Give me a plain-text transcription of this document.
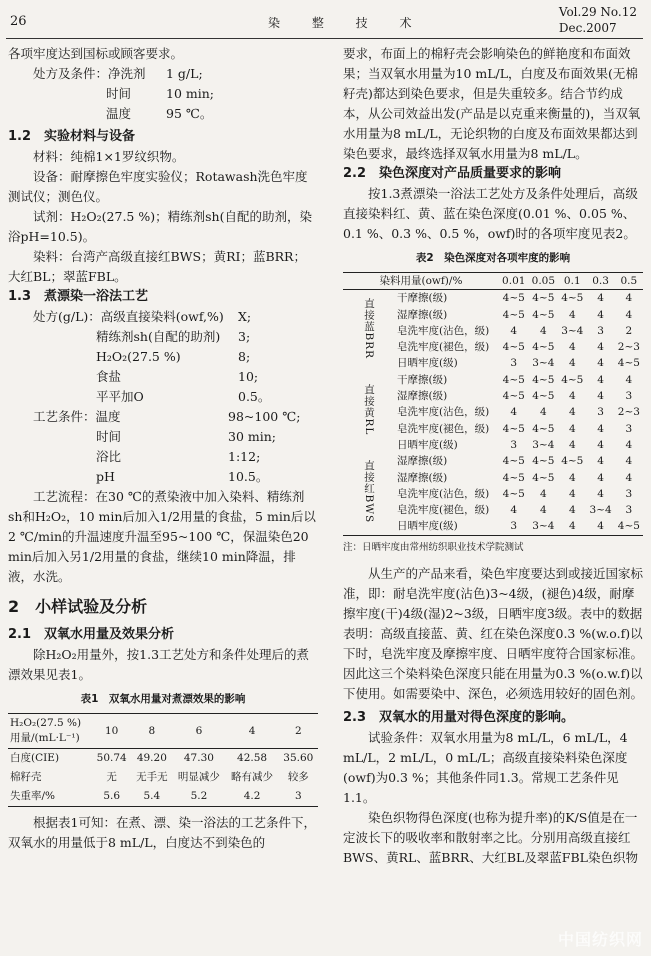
26	染 整 技 术
Vol.29 No.12
Dec.2007

各项牢度达到国标或顾客要求。

处方及条件：净洗剂	1 g/L;
时间	10 min;
温度	95 ℃。

1.2　实验材料与设备

材料：纯棉1×1罗纹织物。

设备：耐摩擦色牢度实验仪；Rotawash洗色牢度测试仪；测色仪。

试剂：H₂O₂(27.5 %)；精练剂sh(自配的助剂，染浴pH=10.5)。

染料：台湾产高级直接红BWS；黄RI；蓝BRR；大红BL；翠蓝FBL。

1.3　煮漂染一浴法工艺

处方(g/L)：高级直接染料(owf,%)	X;
精练剂sh(自配的助剂)	3;
H₂O₂(27.5 %)	8;
食盐	10;
平平加O	0.5。
工艺条件：温度	98~100 ℃;
时间	30 min;
浴比	1:12;
pH	10.5。

工艺流程：在30 ℃的煮染液中加入染料、精练剂sh和H₂O₂，10 min后加入1/2用量的食盐，5 min后以2 ℃/min的升温速度升温至95~100 ℃，保温染色20 min后加入另1/2用量的食盐，继续10 min降温，排液，水洗。

2　小样试验及分析

2.1　双氧水用量及效果分析

除H₂O₂用量外，按1.3工艺处方和条件处理后的煮漂效果见表1。

表1　双氧水用量对煮漂效果的影响
H₂O₂(27.5 %)用量/(mL·L⁻¹)	10	8	6	4	2
白度(CIE)	50.74	49.20	47.30	42.58	35.60
棉籽壳	无	无手无	明显减少	略有减少	较多
失重率/%	5.6	5.4	5.2	4.2	3

根据表1可知：在煮、漂、染一浴法的工艺条件下，双氧水的用量低于8 mL/L，白度达不到染色的

要求，布面上的棉籽壳会影响染色的鲜艳度和布面效果；当双氧水用量为10 mL/L，白度及布面效果(无棉籽壳)都达到染色要求，但是失重较多。结合节约成本，从公司效益出发(产品是以克重来衡量的)，当双氧水用量为8 mL/L，无论织物的白度及布面效果都达到染色要求，最终选择双氧水用量为8 mL/L。

2.2　染色深度对产品质量要求的影响

按1.3煮漂染一浴法工艺处方及条件处理后，高级直接染料红、黄、蓝在染色深度(0.01 %、0.05 %、0.1 %、0.3 %、0.5 %，owf)时的各项牢度见表2。

表2　染色深度对各项牢度的影响
染料用量(owf)/%		0.01	0.05	0.1	0.3	0.5
直接蓝BRR	干摩擦(级)	4~5	4~5	4~5	4	4
	湿摩擦(级)	4~5	4~5	4	4	4
	皂洗牢度(沾色，级)	4	4	3~4	3	2
	皂洗牢度(褪色，级)	4~5	4~5	4	4	2~3
	日晒牢度(级)	3	3~4	4	4	4~5
直接黄RL	干摩擦(级)	4~5	4~5	4~5	4	4
	湿摩擦(级)	4~5	4~5	4	4	3
	皂洗牢度(沾色，级)	4	4	4	3	2~3
	皂洗牢度(褪色，级)	4~5	4~5	4	4	3
	日晒牢度(级)	3	3~4	4	4	4
直接红BWS	湿摩擦(级)	4~5	4~5	4~5	4	4
	湿摩擦(级)	4~5	4~5	4	4	4
	皂洗牢度(沾色，级)	4~5	4	4	4	3
	皂洗牢度(褪色，级)	4	4	4	3~4	3
	日晒牢度(级)	3	3~4	4	4	4~5
注：日晒牢度由常州纺织职业技术学院测试

从生产的产品来看，染色牢度要达到或接近国家标准，即：耐皂洗牢度(沾色)3~4级，(褪色)4级，耐摩擦牢度(干)4级(湿)2~3级，日晒牢度3级。表中的数据表明：高级直接蓝、黄、红在染色深度0.3 %(w.o.f)以下时，皂洗牢度及摩擦牢度、日晒牢度符合国家标准。因此这三个染料染色深度只能在用量为0.3 %(o.w.f)以下使用。如需要染中、深色，必须选用较好的固色剂。

2.3　双氧水的用量对得色深度的影响。

试验条件：双氧水用量为8 mL/L，6 mL/L，4 mL/L，2 mL/L，0 mL/L；高级直接染料染色深度(owf)为0.3 %；其他条件同1.3。常规工艺条件见1.1。

染色织物得色深度(也称为提升率)的K/S值是在一定波长下的吸收率和散射率之比。分别用高级直接红BWS、黄RL、蓝BRR、大红BL及翠蓝FBL染色织物

中国纺织网
